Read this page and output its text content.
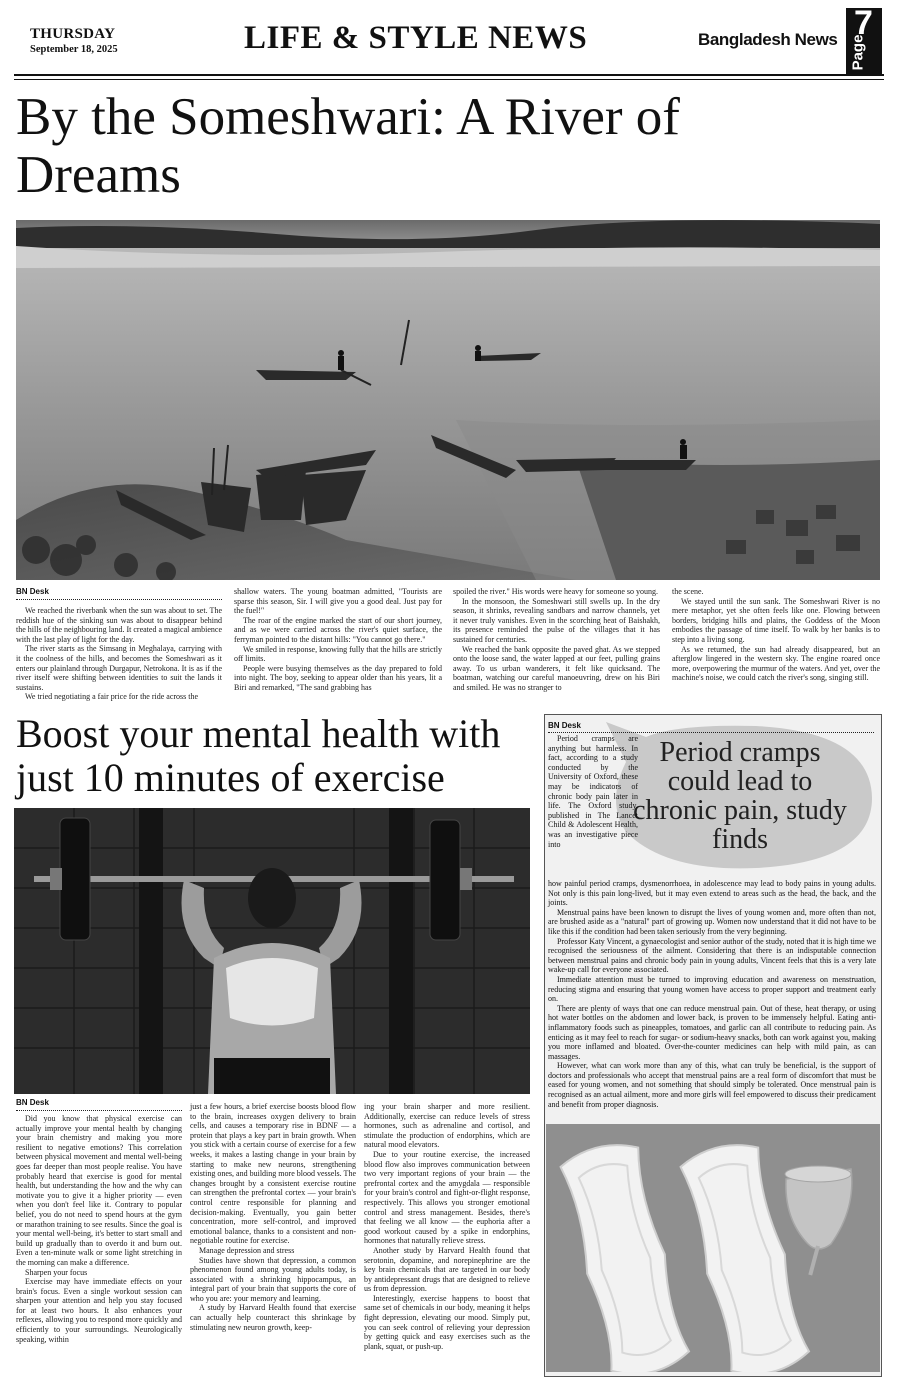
THURSDAY
September 18, 2025	LIFE & STYLE NEWS	Bangladesh News 7
Page
By the Someshwari: A River of Dreams
BN Desk

We reached the riverbank when the sun was about to set. The reddish hue of the sinking sun was about to disappear behind the hills of the neighbouring land. It created a magical ambience with the last play of light for the day.

The river starts as the Simsang in Meghalaya, carrying with it the coolness of the hills, and becomes the Someshwari as it enters our plainland through Durgapur, Netrokona. It is as if the river itself were shifting between identities to suit the lands it sustains.

We tried negotiating a fair price for the ride across the

shallow waters. The young boatman admitted, "Tourists are sparse this season, Sir. I will give you a good deal. Just pay for the fuel!"

The roar of the engine marked the start of our short journey, and as we were carried across the river's quiet surface, the ferryman pointed to the distant hills: "You cannot go there."

We smiled in response, knowing fully that the hills are strictly off limits.

People were busying themselves as the day prepared to fold into night. The boy, seeking to appear older than his years, lit a Biri and remarked, "The sand grabbing has

spoiled the river." His words were heavy for someone so young.

In the monsoon, the Someshwari still swells up. In the dry season, it shrinks, revealing sandbars and narrow channels, yet it never truly vanishes. Even in the scorching heat of Baishakh, its presence reminded the pulse of the villages that it has sustained for centuries.

We reached the bank opposite the paved ghat. As we stepped onto the loose sand, the water lapped at our feet, pulling grains away. To us urban wanderers, it felt like quicksand. The boatman, watching our careful manoeuvring, drew on his Biri and smiled. He was no stranger to

the scene.

We stayed until the sun sank. The Someshwari River is no mere metaphor, yet she often feels like one. Flowing between borders, bridging hills and plains, the Goddess of the Moon embodies the passage of time itself. To walk by her banks is to step into a living song.

As we returned, the sun had already disappeared, but an afterglow lingered in the western sky. The engine roared once more, overpowering the murmur of the waters. And yet, over the machine's noise, we could catch the river's song, singing still.

Boost your mental health with just 10 minutes of exercise
BN Desk

Did you know that physical exercise can actually improve your mental health by changing your brain chemistry and making you more resilient to negative emotions? This correlation between physical movement and mental well-being goes far deeper than most people realise. You have probably heard that exercise is good for mental health, but understanding the how and the why can motivate you to give it a higher priority — even when you don't feel like it. Contrary to popular belief, you do not need to spend hours at the gym or marathon training to see results. Since the goal is your mental well-being, it's better to start small and build up gradually than to overdo it and burn out. Even a ten-minute walk or some light stretching in the morning can make a difference.

Sharpen your focus

Exercise may have immediate effects on your brain's focus. Even a single workout session can sharpen your attention and help you stay focused for at least two hours. It also enhances your reflexes, allowing you to respond more quickly and efficiently to your surroundings. Neurologically speaking, within

just a few hours, a brief exercise boosts blood flow to the brain, increases oxygen delivery to brain cells, and causes a temporary rise in BDNF — a protein that plays a key part in brain growth. When you stick with a certain course of exercise for a few weeks, it makes a lasting change in your brain by starting to make new neurons, strengthening existing ones, and building more blood vessels. The changes brought by a consistent exercise routine can strengthen the prefrontal cortex — your brain's control centre responsible for planning and decision-making. Eventually, you gain better concentration, more self-control, and improved emotional balance, thanks to a consistent and non-negotiable routine for exercise.

Manage depression and stress

Studies have shown that depression, a common phenomenon found among young adults today, is associated with a shrinking hippocampus, an integral part of your brain that supports the core of who you are: your memory and learning.

A study by Harvard Health found that exercise can actually help counteract this shrinkage by stimulating new neuron growth, keep-

ing your brain sharper and more resilient. Additionally, exercise can reduce levels of stress hormones, such as adrenaline and cortisol, and stimulate the production of endorphins, which are natural mood elevators.

Due to your routine exercise, the increased blood flow also improves communication between two very important regions of your brain — the prefrontal cortex and the amygdala — responsible for your brain's control and fight-or-flight response, respectively. This allows you stronger emotional control and stress management. Besides, there's that feeling we all know — the euphoria after a good workout caused by a spike in endorphins, hormones that naturally relieve stress.

Another study by Harvard Health found that serotonin, dopamine, and norepinephrine are the key brain chemicals that are targeted in our body by antidepressant drugs that are designed to relieve us from depression.

Interestingly, exercise happens to boost that same set of chemicals in our body, meaning it helps fight depression, elevating our mood. Simply put, you can seek control of relieving your depression by getting quick and easy exercises such as the plank, squat, or push-up.

Period cramps could lead to chronic pain, study finds
BN Desk

Period cramps are anything but harmless. In fact, according to a study conducted by the University of Oxford, these may be indicators of chronic body pain later in life. The Oxford study, published in The Lancet Child & Adolescent Health, was an investigative piece into

how painful period cramps, dysmenorrhoea, in adolescence may lead to body pains in young adults. Not only is this pain long-lived, but it may even extend to areas such as the head, the back, and the joints.

Menstrual pains have been known to disrupt the lives of young women and, more often than not, are brushed aside as a "natural" part of growing up. Women now understand that it did not have to be like this if the condition had been taken seriously from the very beginning.

Professor Katy Vincent, a gynaecologist and senior author of the study, noted that it is high time we recognised the seriousness of the ailment. Considering that there is an indisputable connection between menstrual pains and chronic body pain in young adults, Vincent feels that this is a very late wake-up call for everyone associated.

Immediate attention must be turned to improving education and awareness on menstruation, reducing stigma and ensuring that young women have access to proper support and treatment early on.

There are plenty of ways that one can reduce menstrual pain. Out of these, heat therapy, or using hot water bottles on the abdomen and lower back, is proven to be immensely helpful. Eating anti-inflammatory foods such as pineapples, tomatoes, and garlic can all contribute to reducing pain. As enticing as it may feel to reach for sugar- or sodium-heavy snacks, both can work against you, making you more inflamed and bloated. Over-the-counter medicines can help with mild pain, as can massages.

However, what can work more than any of this, what can truly be beneficial, is the support of doctors and professionals who accept that menstrual pains are a real form of discomfort that must be eased for young women, and not something that should simply be tolerated. Once menstrual pain is recognised as an actual ailment, more and more girls will feel empowered to discuss their predicament and benefit from proper diagnosis.
